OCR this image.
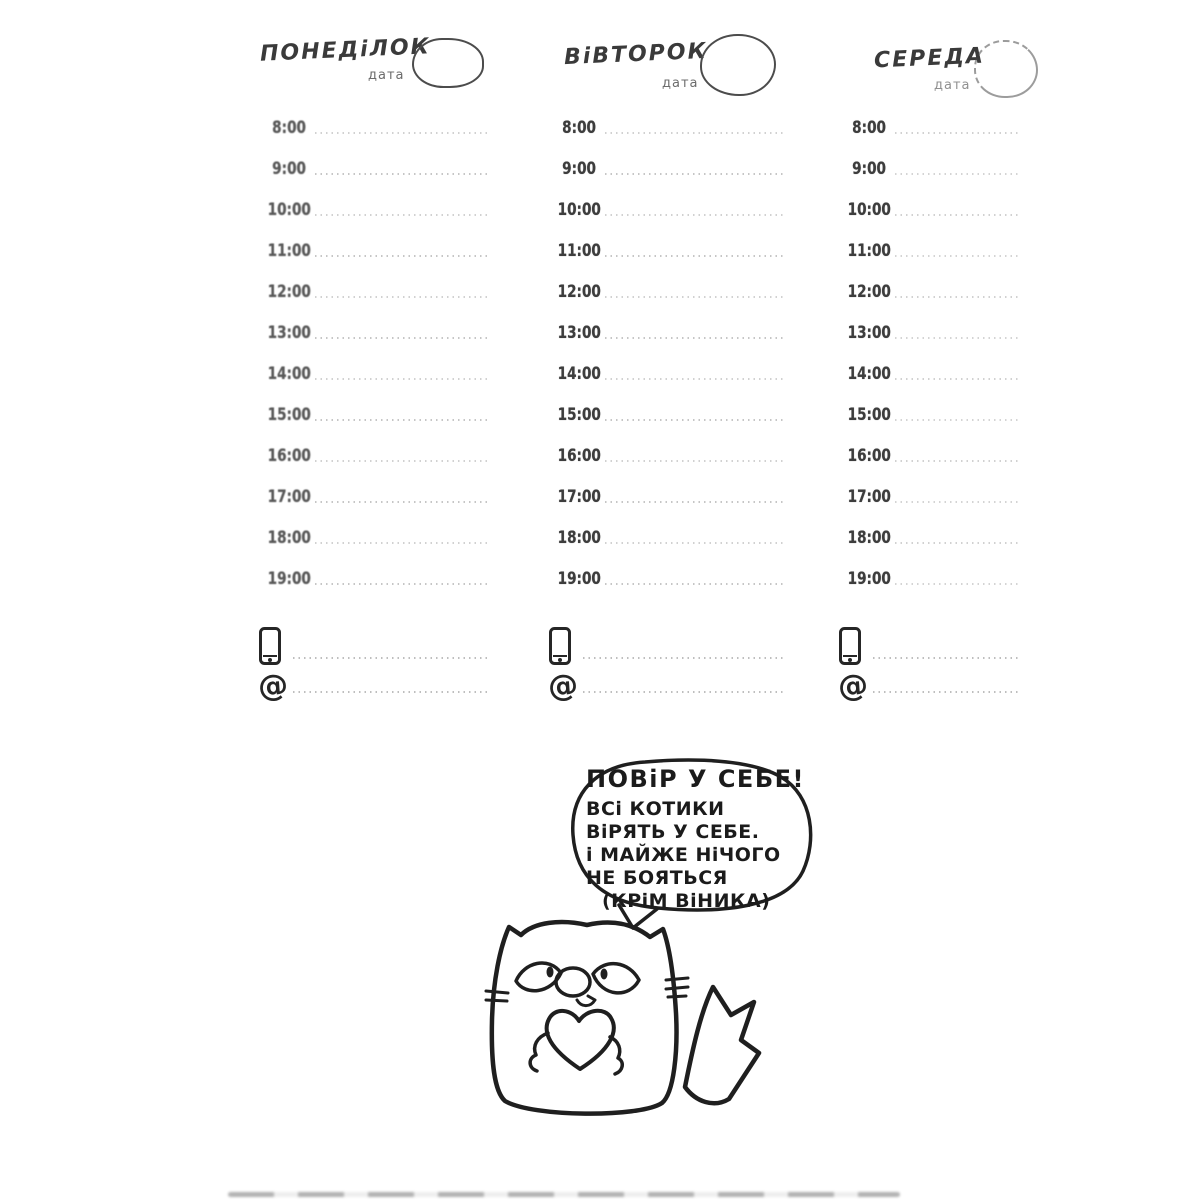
ПОНЕДіЛОК
дата
8:00
9:00
10:00
11:00
12:00
13:00
14:00
15:00
16:00
17:00
18:00
19:00
@
ВіВТОРОК
дата
8:00
9:00
10:00
11:00
12:00
13:00
14:00
15:00
16:00
17:00
18:00
19:00
@
СЕРЕДА
дата
8:00
9:00
10:00
11:00
12:00
13:00
14:00
15:00
16:00
17:00
18:00
19:00
@
ПОВіР У СЕБЕ!
ВСі КОТИКИ
ВіРЯТЬ У СЕБЕ.
і МАЙЖЕ НіЧОГО
НЕ БОЯТЬСЯ
(КРіМ ВіНИКА)
